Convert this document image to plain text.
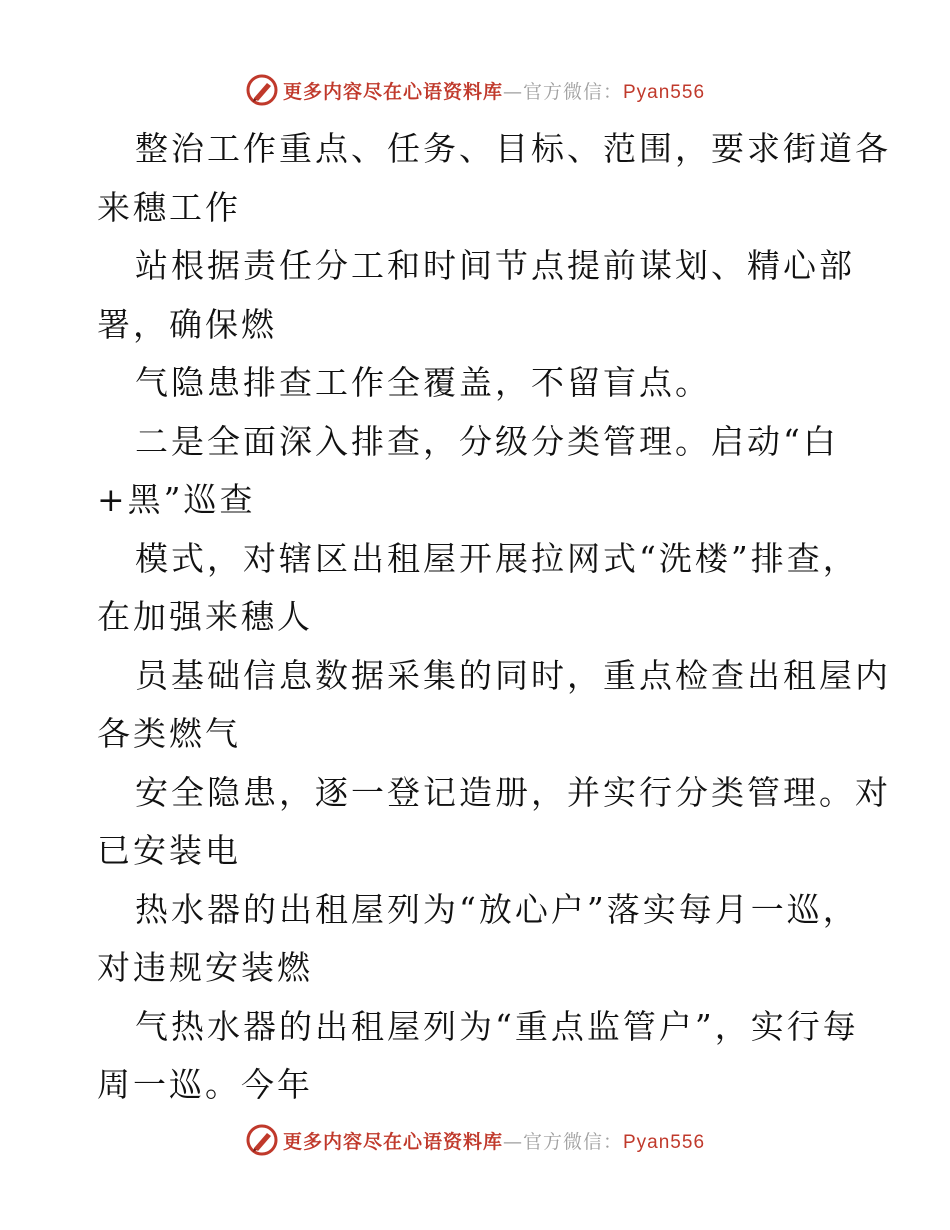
更多内容尽在心语资料库—官方微信：Pyan556
整治工作重点、任务、目标、范围，要求街道各
来穗工作
站根据责任分工和时间节点提前谋划、精心部
署，确保燃
气隐患排查工作全覆盖，不留盲点。
二是全面深入排查，分级分类管理。启动“白
+黑”巡查
模式，对辖区出租屋开展拉网式“洗楼”排查，
在加强来穗人
员基础信息数据采集的同时，重点检查出租屋内
各类燃气
安全隐患，逐一登记造册，并实行分类管理。对
已安装电
热水器的出租屋列为“放心户”落实每月一巡，
对违规安装燃
气热水器的出租屋列为“重点监管户”，实行每
周一巡。今年
更多内容尽在心语资料库—官方微信：Pyan556
